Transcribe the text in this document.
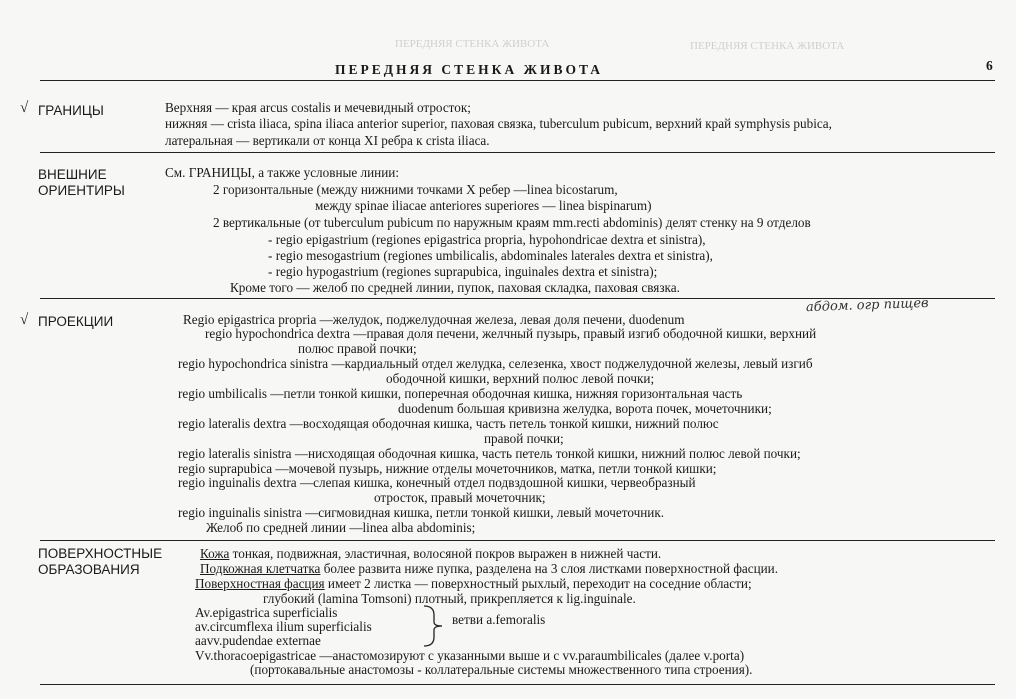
ПЕРЕДНЯЯ СТЕНКА ЖИВОТА	ПЕРЕДНЯЯ СТЕНКА ЖИВОТА
ПЕРЕДНЯЯ СТЕНКА ЖИВОТА	6
√ ГРАНИЦЫ	Верхняя — края arcus costalis и мечевидный отросток;
нижняя — crista iliaca, spina iliaca anterior superior, паховая связка, tuberculum pubicum, верхний край symphysis pubica,
латеральная — вертикали от конца XI ребра к crista iliaca.
ВНЕШНИЕ
ОРИЕНТИРЫ
См. ГРАНИЦЫ, а также условные линии:
2 горизонтальные (между нижними точками X ребер —linea bicostarum,
между spinae iliacae anteriores superiores — linea bispinarum)
2 вертикальные (от tuberculum pubicum по наружным краям mm.recti abdominis) делят стенку на 9 отделов
- regio epigastrium (regiones epigastrica propria, hypohondricae dextra et sinistra),
- regio mesogastrium (regiones umbilicalis, abdominales laterales dextra et sinistra),
- regio hypogastrium (regiones suprapubica, inguinales dextra et sinistra);
Кроме того — желоб по средней линии, пупок, паховая складка, паховая связка.
√ ПРОЕКЦИИ	Regio epigastrica propria —желудок, поджелудочная железа, левая доля печени, duodenum
абдом. огр пищев
regio hypochondrica dextra —правая доля печени, желчный пузырь, правый изгиб ободочной кишки, верхний
полюс правой почки;
regio hypochondrica sinistra —кардиальный отдел желудка, селезенка, хвост поджелудочной железы, левый изгиб
ободочной кишки, верхний полюс левой почки;
regio umbilicalis —петли тонкой кишки, поперечная ободочная кишка, нижняя горизонтальная часть
duodenum большая кривизна желудка, ворота почек, мочеточники;
regio lateralis dextra —восходящая ободочная кишка, часть петель тонкой кишки, нижний полюс
правой почки;
regio lateralis sinistra —нисходящая ободочная кишка, часть петель тонкой кишки, нижний полюс левой почки;
regio suprapubica —мочевой пузырь, нижние отделы мочеточников, матка, петли тонкой кишки;
regio inguinalis dextra —слепая кишка, конечный отдел подвздошной кишки, червеобразный
отросток, правый мочеточник;
regio inguinalis sinistra —сигмовидная кишка, петли тонкой кишки, левый мочеточник.
Желоб по средней линии —linea alba abdominis;
ПОВЕРХНОСТНЫЕ
ОБРАЗОВАНИЯ
Кожа тонкая, подвижная, эластичная, волосяной покров выражен в нижней части.
Подкожная клетчатка более развита ниже пупка, разделена на 3 слоя листками поверхностной фасции.
Поверхностная фасция имеет 2 листка — поверхностный рыхлый, переходит на соседние области;
глубокий (lamina Tomsoni) плотный, прикрепляется к lig.inguinale.
Av.epigastrica superficialis
av.circumflexa ilium superficialis
aavv.pudendae externae
ветви a.femoralis
Vv.thoracoepigastricae —анастомозируют с указанными выше и с vv.paraumbilicales (далее v.porta)
(портокавальные анастомозы - коллатеральные системы множественного типа строения).
